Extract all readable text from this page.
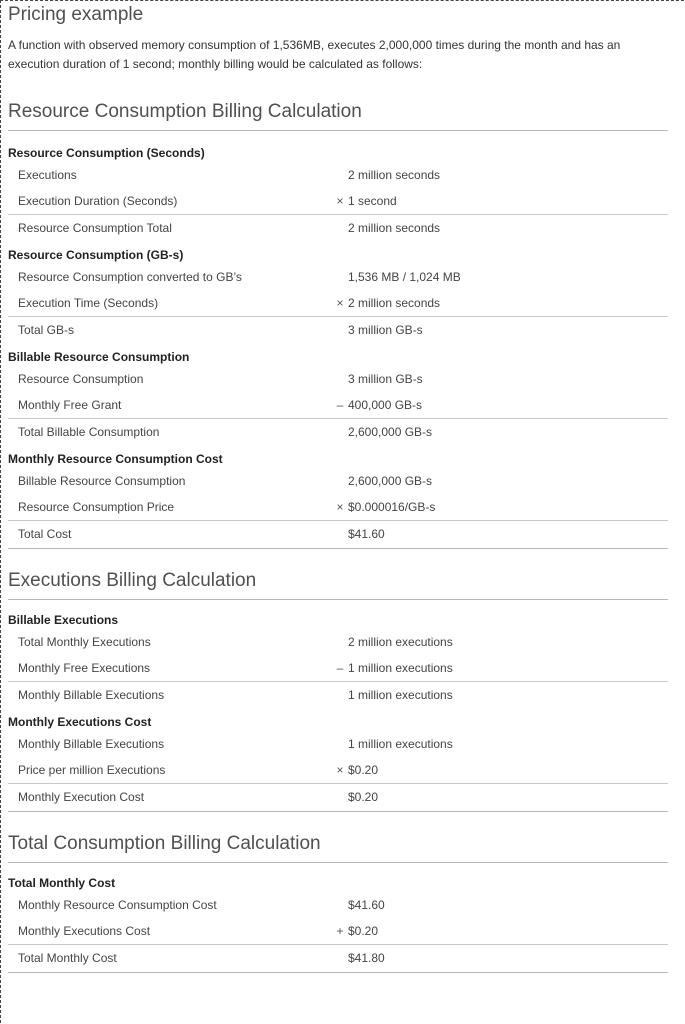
Pricing example

A function with observed memory consumption of 1,536MB, executes 2,000,000 times during the month and has an execution duration of 1 second; monthly billing would be calculated as follows:

Resource Consumption Billing Calculation
Resource Consumption (Seconds)
Executions	2 million seconds
Execution Duration (Seconds)	× 1 second
Resource Consumption Total	2 million seconds
Resource Consumption (GB-s)
Resource Consumption converted to GB’s	1,536 MB / 1,024 MB
Execution Time (Seconds)	× 2 million seconds
Total GB-s	3 million GB-s
Billable Resource Consumption
Resource Consumption	3 million GB-s
Monthly Free Grant	– 400,000 GB-s
Total Billable Consumption	2,600,000 GB-s
Monthly Resource Consumption Cost
Billable Resource Consumption	2,600,000 GB-s
Resource Consumption Price	× $0.000016/GB-s
Total Cost	$41.60
Executions Billing Calculation
Billable Executions
Total Monthly Executions	2 million executions
Monthly Free Executions	– 1 million executions
Monthly Billable Executions	1 million executions
Monthly Executions Cost
Monthly Billable Executions	1 million executions
Price per million Executions	× $0.20
Monthly Execution Cost	$0.20
Total Consumption Billing Calculation
Total Monthly Cost
Monthly Resource Consumption Cost	$41.60
Monthly Executions Cost	+ $0.20
Total Monthly Cost	$41.80
